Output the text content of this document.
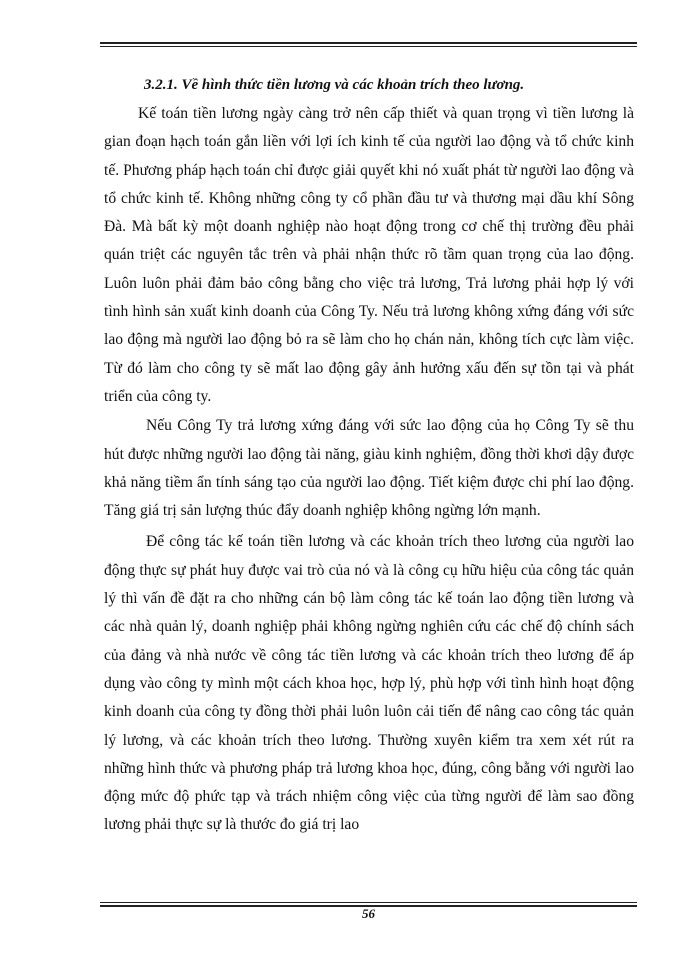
3.2.1. Về hình thức tiền lương và các khoản trích theo lương.

Kế toán tiền lương ngày càng trở nên cấp thiết và quan trọng vì tiền lương là gian đoạn hạch toán gắn liền với lợi ích kinh tế của người lao động và tổ chức kinh tế. Phương pháp hạch toán chỉ được giải quyết khi nó xuất phát từ người lao động và tổ chức kinh tế. Không những công ty cổ phần đầu tư và thương mại dầu khí Sông Đà. Mà bất kỳ một doanh nghiệp nào hoạt động trong cơ chế thị trường đều phải quán triệt các nguyên tắc trên và phải nhận thức rõ tầm quan trọng của lao động. Luôn luôn phải đảm bảo công bằng cho việc trả lương, Trả lương phải hợp lý với tình hình sản xuất kinh doanh của Công Ty. Nếu trả lương không xứng đáng với sức lao động mà người lao động bỏ ra sẽ làm cho họ chán nản, không tích cực làm việc. Từ đó làm cho công ty sẽ mất lao động gây ảnh hưởng xấu đến sự tồn tại và phát triển của công ty.

Nếu Công Ty trả lương xứng đáng với sức lao động của họ Công Ty sẽ thu hút được những người lao động tài năng, giàu kinh nghiệm, đồng thời khơi dậy được khả năng tiềm ẩn tính sáng tạo của người lao động. Tiết kiệm được chi phí lao động. Tăng giá trị sản lượng thúc đẩy doanh nghiệp không ngừng lớn mạnh.

Để công tác kế toán tiền lương và các khoản trích theo lương của người lao động thực sự phát huy được vai trò của nó và là công cụ hữu hiệu của công tác quản lý thì vấn đề đặt ra cho những cán bộ làm công tác kế toán lao động tiền lương và các nhà quản lý, doanh nghiệp phải không ngừng nghiên cứu các chế độ chính sách của đảng và nhà nước về công tác tiền lương và các khoản trích theo lương để áp dụng vào công ty mình một cách khoa học, hợp lý, phù hợp với tình hình hoạt động kinh doanh của công ty đồng thời phải luôn luôn cải tiến để nâng cao công tác quản lý lương, và các khoản trích theo lương. Thường xuyên kiểm tra xem xét rút ra những hình thức và phương pháp trả lương khoa học, đúng, công bằng với người lao động mức độ phức tạp và trách nhiệm công việc của từng người để làm sao đồng lương phải thực sự là thước đo giá trị lao

56
